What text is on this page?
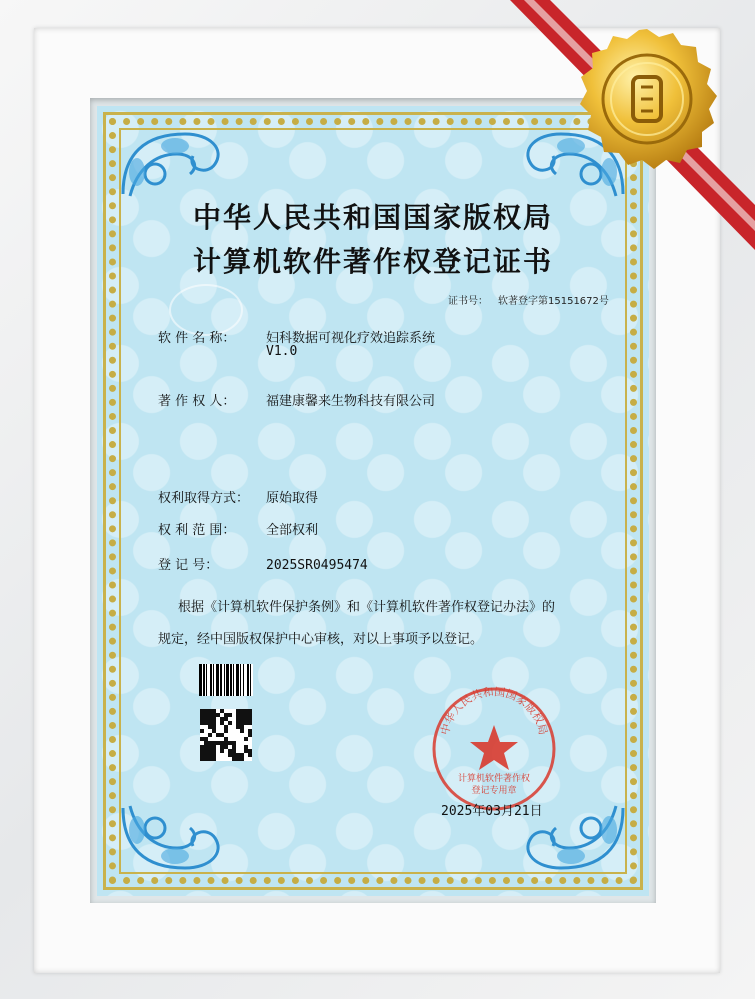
中华人民共和国国家版权局
计算机软件著作权登记证书
证书号： 软著登字第15151672号
软 件 名 称： 妇科数据可视化疗效追踪系统
V1.0
著 作 权 人： 福建康馨来生物科技有限公司
权利取得方式： 原始取得
权 利 范 围： 全部权利
登 记 号：	2025SR0495474
根据《计算机软件保护条例》和《计算机软件著作权登记办法》的
规定，经中国版权保护中心审核，对以上事项予以登记。
中华人民共和国国家版权局
计算机软件著作权
登记专用章
2025年03月21日
